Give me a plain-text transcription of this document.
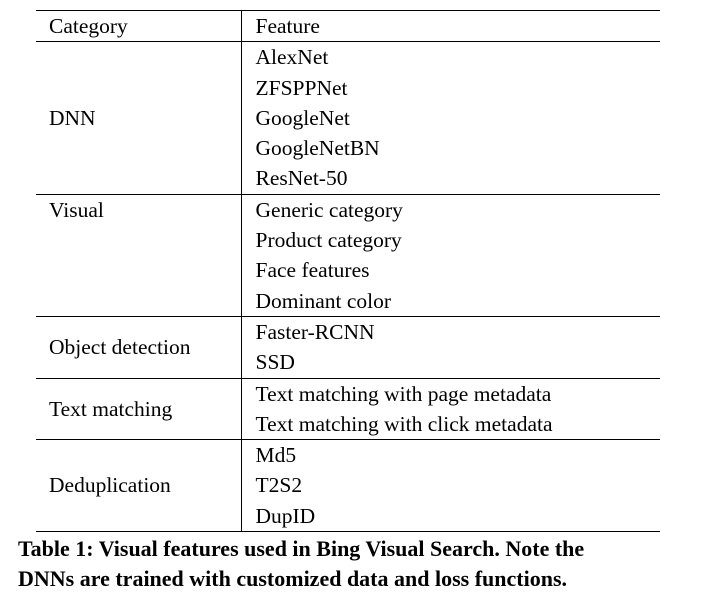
Category	Feature
DNN	AlexNet
ZFSPPNet
GoogleNet
GoogleNetBN
ResNet-50

Visual	Generic category
Product category
Face features
Dominant color

Object detection	Faster-RCNN
SSD

Text matching	Text matching with page metadata
Text matching with click metadata

Deduplication	Md5
T2S2
DupID
Table 1: Visual features used in Bing Visual Search. Note the
DNNs are trained with customized data and loss functions.
